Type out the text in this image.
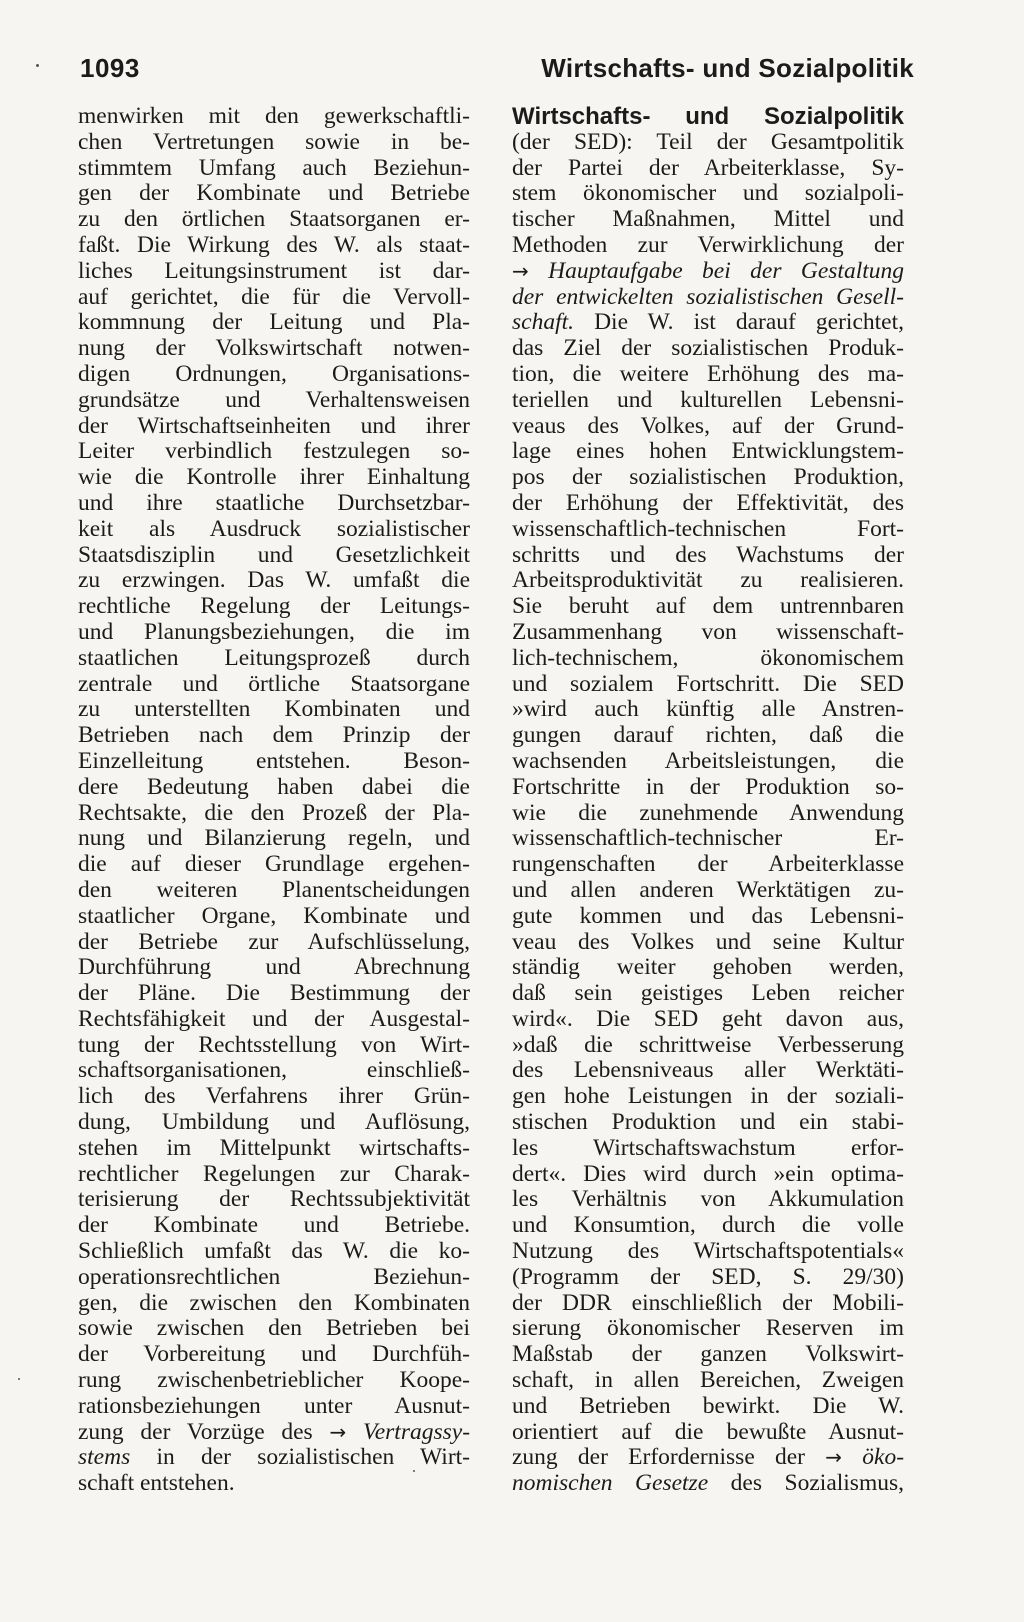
1093	Wirtschafts- und Sozialpolitik
menwirken mit den gewerkschaftli-
chen Vertretungen sowie in be-
stimmtem Umfang auch Beziehun-
gen der Kombinate und Betriebe
zu den örtlichen Staatsorganen er-
faßt. Die Wirkung des W. als staat-
liches Leitungsinstrument ist dar-
auf gerichtet, die für die Vervoll-
kommnung der Leitung und Pla-
nung der Volkswirtschaft notwen-
digen Ordnungen, Organisations-
grundsätze und Verhaltensweisen
der Wirtschaftseinheiten und ihrer
Leiter verbindlich festzulegen so-
wie die Kontrolle ihrer Einhaltung
und ihre staatliche Durchsetzbar-
keit als Ausdruck sozialistischer
Staatsdisziplin und Gesetzlichkeit
zu erzwingen. Das W. umfaßt die
rechtliche Regelung der Leitungs-
und Planungsbeziehungen, die im
staatlichen Leitungsprozeß durch
zentrale und örtliche Staatsorgane
zu unterstellten Kombinaten und
Betrieben nach dem Prinzip der
Einzelleitung entstehen. Beson-
dere Bedeutung haben dabei die
Rechtsakte, die den Prozeß der Pla-
nung und Bilanzierung regeln, und
die auf dieser Grundlage ergehen-
den weiteren Planentscheidungen
staatlicher Organe, Kombinate und
der Betriebe zur Aufschlüsselung,
Durchführung und Abrechnung
der Pläne. Die Bestimmung der
Rechtsfähigkeit und der Ausgestal-
tung der Rechtsstellung von Wirt-
schaftsorganisationen, einschließ-
lich des Verfahrens ihrer Grün-
dung, Umbildung und Auflösung,
stehen im Mittelpunkt wirtschafts-
rechtlicher Regelungen zur Charak-
terisierung der Rechtssubjektivität
der Kombinate und Betriebe.
Schließlich umfaßt das W. die ko-
operationsrechtlichen Beziehun-
gen, die zwischen den Kombinaten
sowie zwischen den Betrieben bei
der Vorbereitung und Durchfüh-
rung zwischenbetrieblicher Koope-
rationsbeziehungen unter Ausnut-
zung der Vorzüge des → Vertragssy-
stems in der sozialistischen Wirt-
schaft entstehen.
Wirtschafts- und Sozialpolitik
(der SED): Teil der Gesamtpolitik
der Partei der Arbeiterklasse, Sy-
stem ökonomischer und sozialpoli-
tischer Maßnahmen, Mittel und
Methoden zur Verwirklichung der
→ Hauptaufgabe bei der Gestaltung
der entwickelten sozialistischen Gesell-
schaft. Die W. ist darauf gerichtet,
das Ziel der sozialistischen Produk-
tion, die weitere Erhöhung des ma-
teriellen und kulturellen Lebensni-
veaus des Volkes, auf der Grund-
lage eines hohen Entwicklungstem-
pos der sozialistischen Produktion,
der Erhöhung der Effektivität, des
wissenschaftlich-technischen Fort-
schritts und des Wachstums der
Arbeitsproduktivität zu realisieren.
Sie beruht auf dem untrennbaren
Zusammenhang von wissenschaft-
lich-technischem, ökonomischem
und sozialem Fortschritt. Die SED
»wird auch künftig alle Anstren-
gungen darauf richten, daß die
wachsenden Arbeitsleistungen, die
Fortschritte in der Produktion so-
wie die zunehmende Anwendung
wissenschaftlich-technischer Er-
rungenschaften der Arbeiterklasse
und allen anderen Werktätigen zu-
gute kommen und das Lebensni-
veau des Volkes und seine Kultur
ständig weiter gehoben werden,
daß sein geistiges Leben reicher
wird«. Die SED geht davon aus,
»daß die schrittweise Verbesserung
des Lebensniveaus aller Werktäti-
gen hohe Leistungen in der soziali-
stischen Produktion und ein stabi-
les Wirtschaftswachstum erfor-
dert«. Dies wird durch »ein optima-
les Verhältnis von Akkumulation
und Konsumtion, durch die volle
Nutzung des Wirtschaftspotentials«
(Programm der SED, S. 29/30)
der DDR einschließlich der Mobili-
sierung ökonomischer Reserven im
Maßstab der ganzen Volkswirt-
schaft, in allen Bereichen, Zweigen
und Betrieben bewirkt. Die W.
orientiert auf die bewußte Ausnut-
zung der Erfordernisse der → öko-
nomischen Gesetze des Sozialismus,
